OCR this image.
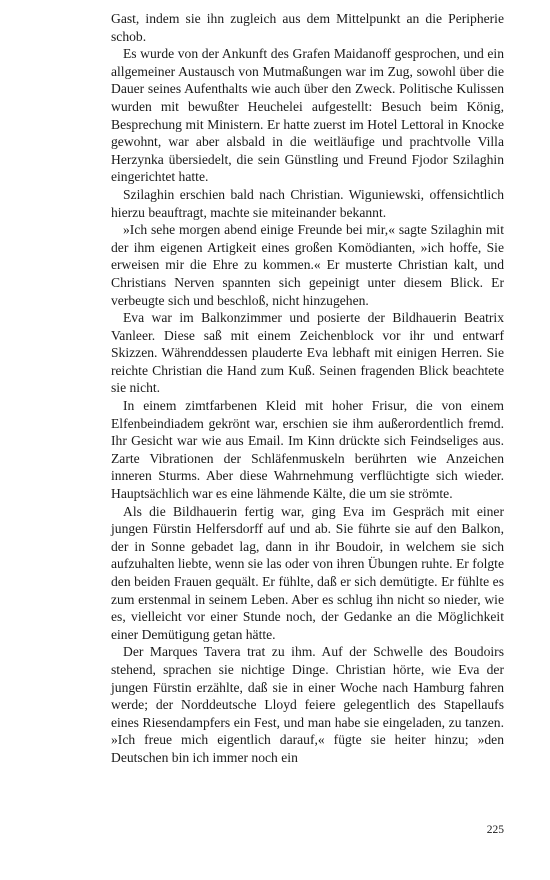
Gast, indem sie ihn zugleich aus dem Mittelpunkt an die Peripherie schob.

Es wurde von der Ankunft des Grafen Maidanoff gesprochen, und ein allgemeiner Austausch von Mutmaßungen war im Zug, sowohl über die Dauer seines Aufenthalts wie auch über den Zweck. Politische Kulissen wurden mit bewußter Heuchelei aufgestellt: Besuch beim König, Besprechung mit Ministern. Er hatte zuerst im Hotel Lettoral in Knocke gewohnt, war aber alsbald in die weitläufige und prachtvolle Villa Herzynka übersiedelt, die sein Günstling und Freund Fjodor Szilaghin eingerichtet hatte.

Szilaghin erschien bald nach Christian. Wiguniewski, offensichtlich hierzu beauftragt, machte sie miteinander bekannt.

»Ich sehe morgen abend einige Freunde bei mir,« sagte Szilaghin mit der ihm eigenen Artigkeit eines großen Komödianten, »ich hoffe, Sie erweisen mir die Ehre zu kommen.« Er musterte Christian kalt, und Christians Nerven spannten sich gepeinigt unter diesem Blick. Er verbeugte sich und beschloß, nicht hinzugehen.

Eva war im Balkonzimmer und posierte der Bildhauerin Beatrix Vanleer. Diese saß mit einem Zeichenblock vor ihr und entwarf Skizzen. Währenddessen plauderte Eva lebhaft mit einigen Herren. Sie reichte Christian die Hand zum Kuß. Seinen fragenden Blick beachtete sie nicht.

In einem zimtfarbenen Kleid mit hoher Frisur, die von einem Elfenbeindiadem gekrönt war, erschien sie ihm außerordentlich fremd. Ihr Gesicht war wie aus Email. Im Kinn drückte sich Feindseliges aus. Zarte Vibrationen der Schläfenmuskeln berührten wie Anzeichen inneren Sturms. Aber diese Wahrnehmung verflüchtigte sich wieder. Hauptsächlich war es eine lähmende Kälte, die um sie strömte.

Als die Bildhauerin fertig war, ging Eva im Gespräch mit einer jungen Fürstin Helfersdorff auf und ab. Sie führte sie auf den Balkon, der in Sonne gebadet lag, dann in ihr Boudoir, in welchem sie sich aufzuhalten liebte, wenn sie las oder von ihren Übungen ruhte. Er folgte den beiden Frauen gequält. Er fühlte, daß er sich demütigte. Er fühlte es zum erstenmal in seinem Leben. Aber es schlug ihn nicht so nieder, wie es, vielleicht vor einer Stunde noch, der Gedanke an die Möglichkeit einer Demütigung getan hätte.

Der Marques Tavera trat zu ihm. Auf der Schwelle des Boudoirs stehend, sprachen sie nichtige Dinge. Christian hörte, wie Eva der jungen Fürstin erzählte, daß sie in einer Woche nach Hamburg fahren werde; der Norddeutsche Lloyd feiere gelegentlich des Stapellaufs eines Riesendampfers ein Fest, und man habe sie eingeladen, zu tanzen. »Ich freue mich eigentlich darauf,« fügte sie heiter hinzu; »den Deutschen bin ich immer noch ein

225
